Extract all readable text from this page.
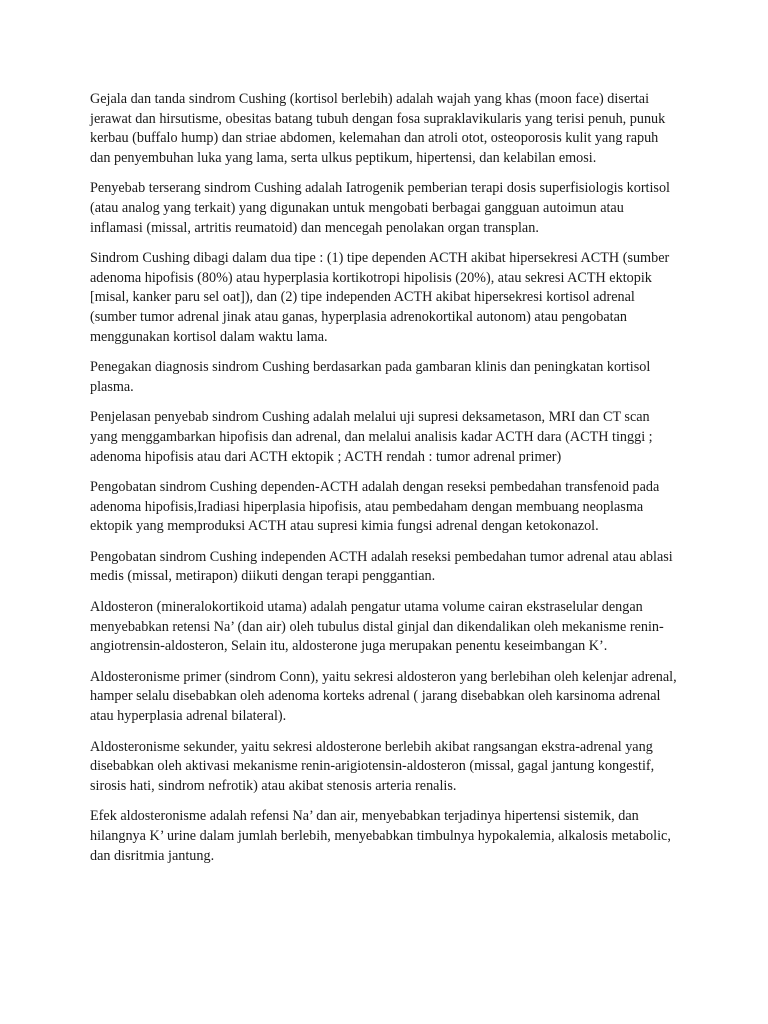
Gejala dan tanda sindrom Cushing (kortisol berlebih) adalah wajah yang khas (moon face) disertai jerawat dan hirsutisme, obesitas batang tubuh dengan fosa supraklavikularis yang terisi penuh, punuk kerbau (buffalo hump) dan striae abdomen, kelemahan dan atroli otot, osteoporosis kulit yang rapuh dan penyembuhan luka yang lama, serta ulkus peptikum, hipertensi, dan kelabilan emosi.

Penyebab terserang sindrom Cushing adalah Iatrogenik pemberian terapi dosis superfisiologis kortisol (atau analog yang terkait) yang digunakan untuk mengobati berbagai gangguan autoimun atau inflamasi (missal, artritis reumatoid) dan mencegah penolakan organ transplan.

Sindrom Cushing dibagi dalam dua tipe : (1) tipe dependen ACTH akibat hipersekresi ACTH (sumber adenoma hipofisis (80%) atau hyperplasia kortikotropi hipolisis (20%), atau sekresi ACTH ektopik [misal, kanker paru sel oat]), dan (2) tipe independen ACTH akibat hipersekresi kortisol adrenal (sumber tumor adrenal jinak atau ganas, hyperplasia adrenokortikal autonom) atau pengobatan menggunakan kortisol dalam waktu lama.

Penegakan diagnosis sindrom Cushing berdasarkan pada gambaran klinis dan peningkatan kortisol plasma.

Penjelasan penyebab sindrom Cushing adalah melalui uji supresi deksametason, MRI dan CT scan yang menggambarkan hipofisis dan adrenal, dan melalui analisis kadar ACTH dara (ACTH tinggi ; adenoma hipofisis atau dari ACTH ektopik ; ACTH rendah : tumor adrenal primer)

Pengobatan sindrom Cushing dependen-ACTH adalah dengan reseksi pembedahan transfenoid pada adenoma hipofisis,Iradiasi hiperplasia hipofisis, atau pembedaham dengan membuang neoplasma ektopik yang memproduksi ACTH atau supresi kimia fungsi adrenal dengan ketokonazol.

Pengobatan sindrom Cushing independen ACTH adalah reseksi pembedahan tumor adrenal atau ablasi medis (missal, metirapon) diikuti dengan terapi penggantian.

Aldosteron (mineralokortikoid utama) adalah pengatur utama volume cairan ekstraselular dengan menyebabkan retensi Na’ (dan air) oleh tubulus distal ginjal dan dikendalikan oleh mekanisme renin-angiotrensin-aldosteron, Selain itu, aldosterone juga merupakan penentu keseimbangan K’.

Aldosteronisme primer (sindrom Conn), yaitu sekresi aldosteron yang berlebihan oleh kelenjar adrenal, hamper selalu disebabkan oleh adenoma korteks adrenal ( jarang disebabkan oleh karsinoma adrenal atau hyperplasia adrenal bilateral).

Aldosteronisme sekunder, yaitu sekresi aldosterone berlebih akibat rangsangan ekstra-adrenal yang disebabkan oleh aktivasi mekanisme renin-arigiotensin-aldosteron (missal, gagal jantung kongestif, sirosis hati, sindrom nefrotik) atau akibat stenosis arteria renalis.

Efek aldosteronisme adalah refensi Na’ dan air, menyebabkan terjadinya hipertensi sistemik, dan hilangnya K’ urine dalam jumlah berlebih, menyebabkan timbulnya hypokalemia, alkalosis metabolic, dan disritmia jantung.
